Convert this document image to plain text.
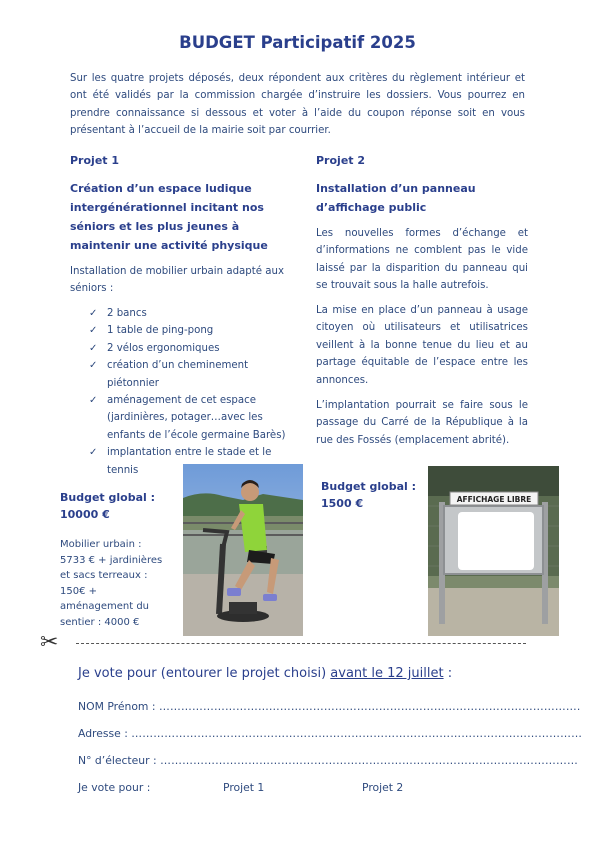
BUDGET Participatif 2025
Sur les quatre projets déposés, deux répondent aux critères du règlement intérieur et ont été validés par la commission chargée d’instruire les dossiers. Vous pourrez en prendre connaissance si dessous et voter à l’aide du coupon réponse soit en vous présentant à l’accueil de la mairie soit par courrier.
Projet 1
Création d’un espace ludique intergénérationnel incitant nos séniors et les plus jeunes à maintenir une activité physique
Installation de mobilier urbain adapté aux séniors :
✓ 2 bancs
✓ 1 table de ping-pong
✓ 2 vélos ergonomiques
✓ création d’un cheminement piétonnier
✓ aménagement de cet espace (jardinières, potager…avec les enfants de l’école germaine Barès)
✓ implantation entre le stade et le tennis
Budget global :
10000 €
Mobilier urbain : 5733 € + jardinières et sacs terreaux : 150€ + aménagement du sentier : 4000 €
Projet 2
Installation d’un panneau d’affichage public
Les nouvelles formes d’échange et d’informations ne comblent pas le vide laissé par la disparition du panneau qui se trouvait sous la halle autrefois.
La mise en place d’un panneau à usage citoyen où utilisateurs et utilisatrices veillent à la bonne tenue du lieu et au partage équitable de l’espace entre les annonces.
L’implantation pourrait se faire sous le passage du Carré de la République à la rue des Fossés (emplacement abrité).
Budget global :
1500 €	AFFICHAGE LIBRE
✂
Je vote pour (entourer le projet choisi) avant le 12 juillet :
NOM Prénom : …………………………………………………………………………………………………….
Adresse : ……………………………………………………………………………………………………………
N° d’électeur : ……………………………………………………………………………………………………
Je vote pour :	Projet 1	Projet 2
